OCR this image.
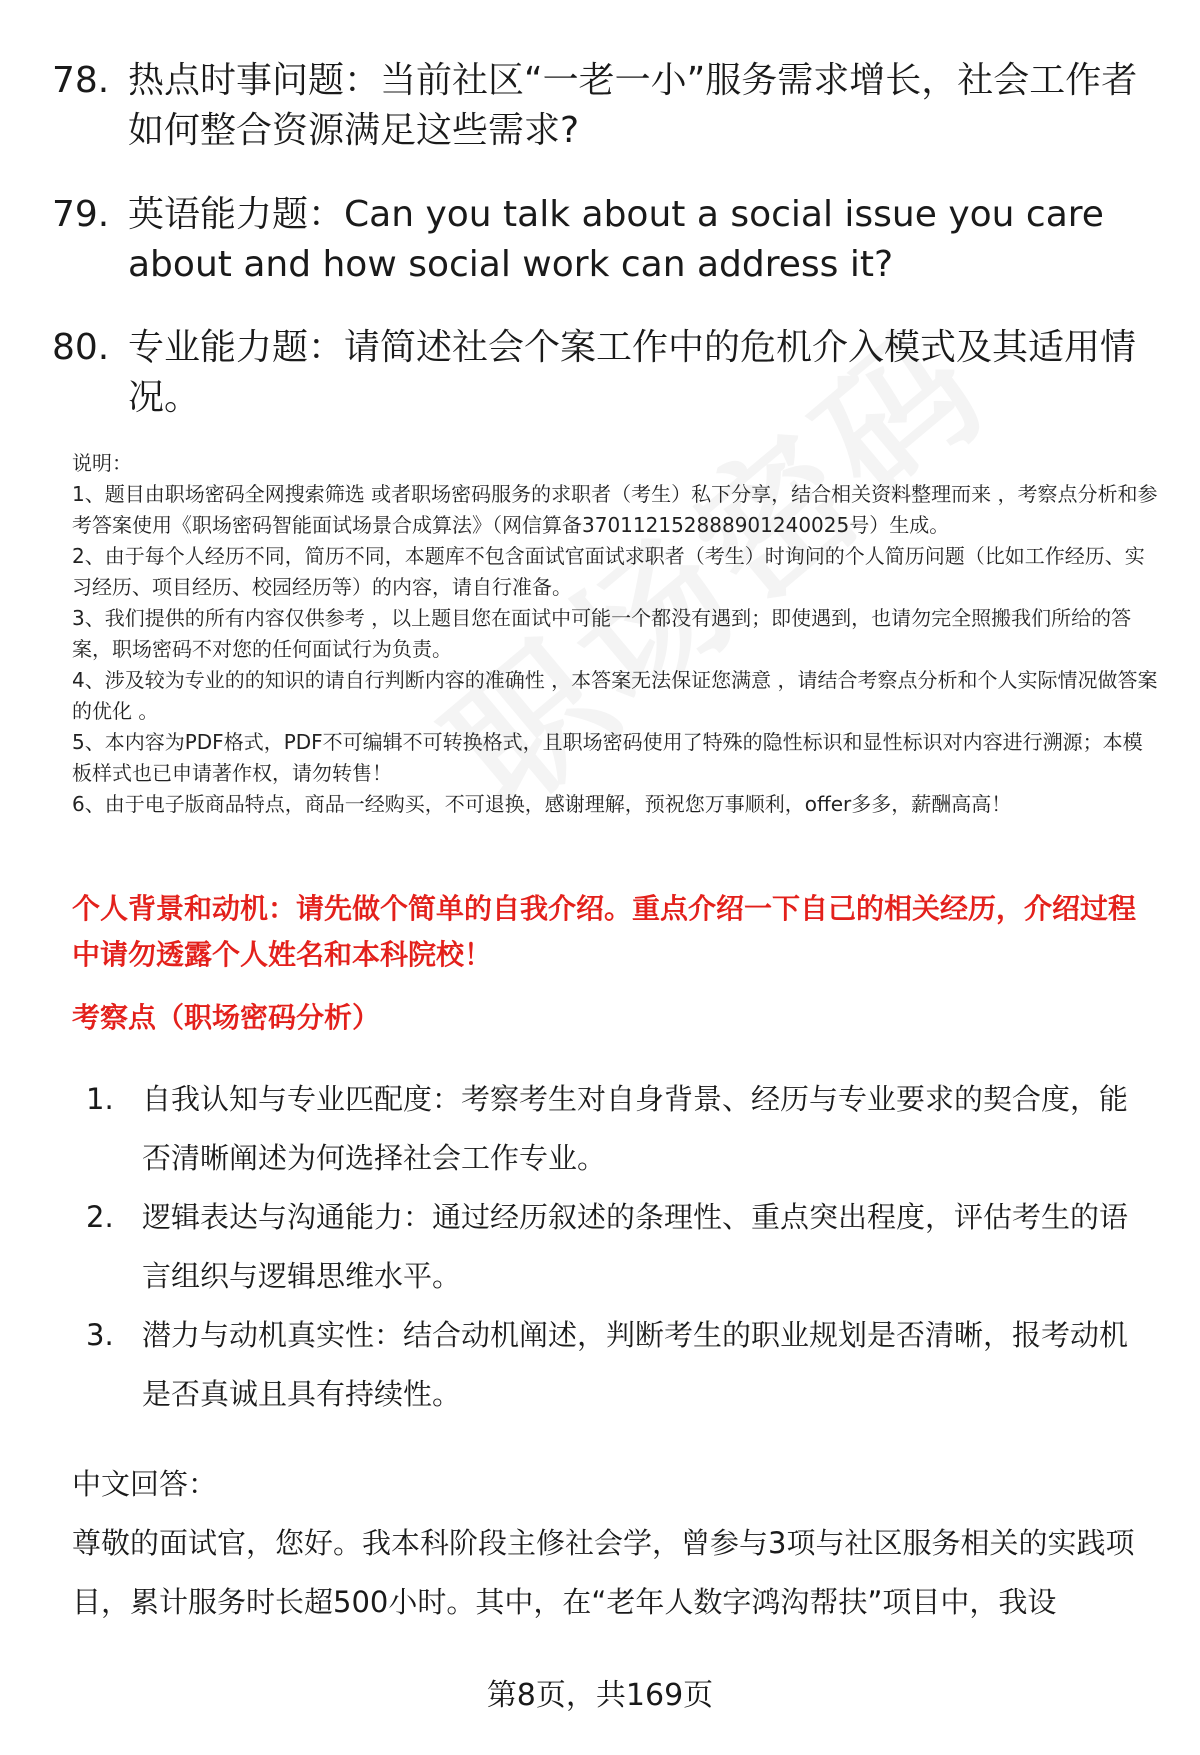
78. 热点时事问题：当前社区“一老一小”服务需求增长，社会工作者如何整合资源满足这些需求?
79. 英语能力题：Can you talk about a social issue you care about and how social work can address it?
80. 专业能力题：请简述社会个案工作中的危机介入模式及其适用情况。

说明：

1、题目由职场密码全网搜索筛选 或者职场密码服务的求职者（考生）私下分享，结合相关资料整理而来 ，考察点分析和参考答案使用《职场密码智能面试场景合成算法》（网信算备370112152888901240025号）生成。

2、由于每个人经历不同，简历不同，本题库不包含面试官面试求职者（考生）时询问的个人简历问题（比如工作经历、实习经历、项目经历、校园经历等）的内容，请自行准备。

3、我们提供的所有内容仅供参考 ，以上题目您在面试中可能一个都没有遇到；即使遇到，也请勿完全照搬我们所给的答案，职场密码不对您的任何面试行为负责。

4、涉及较为专业的的知识的请自行判断内容的准确性 ，本答案无法保证您满意 ，请结合考察点分析和个人实际情况做答案的优化 。

5、本内容为PDF格式，PDF不可编辑不可转换格式，且职场密码使用了特殊的隐性标识和显性标识对内容进行溯源；本模板样式也已申请著作权，请勿转售！

6、由于电子版商品特点，商品一经购买，不可退换，感谢理解，预祝您万事顺利，offer多多，薪酬高高！

个人背景和动机：请先做个简单的自我介绍。重点介绍一下自己的相关经历，介绍过程中请勿透露个人姓名和本科院校！
考察点（职场密码分析）
1. 自我认知与专业匹配度：考察考生对自身背景、经历与专业要求的契合度，能否清晰阐述为何选择社会工作专业。
2. 逻辑表达与沟通能力：通过经历叙述的条理性、重点突出程度，评估考生的语言组织与逻辑思维水平。
3. 潜力与动机真实性：结合动机阐述，判断考生的职业规划是否清晰，报考动机是否真诚且具有持续性。
中文回答：
尊敬的面试官，您好。我本科阶段主修社会学，曾参与3项与社区服务相关的实践项目，累计服务时长超500小时。其中，在“老年人数字鸿沟帮扶”项目中，我设
第8页，共169页
